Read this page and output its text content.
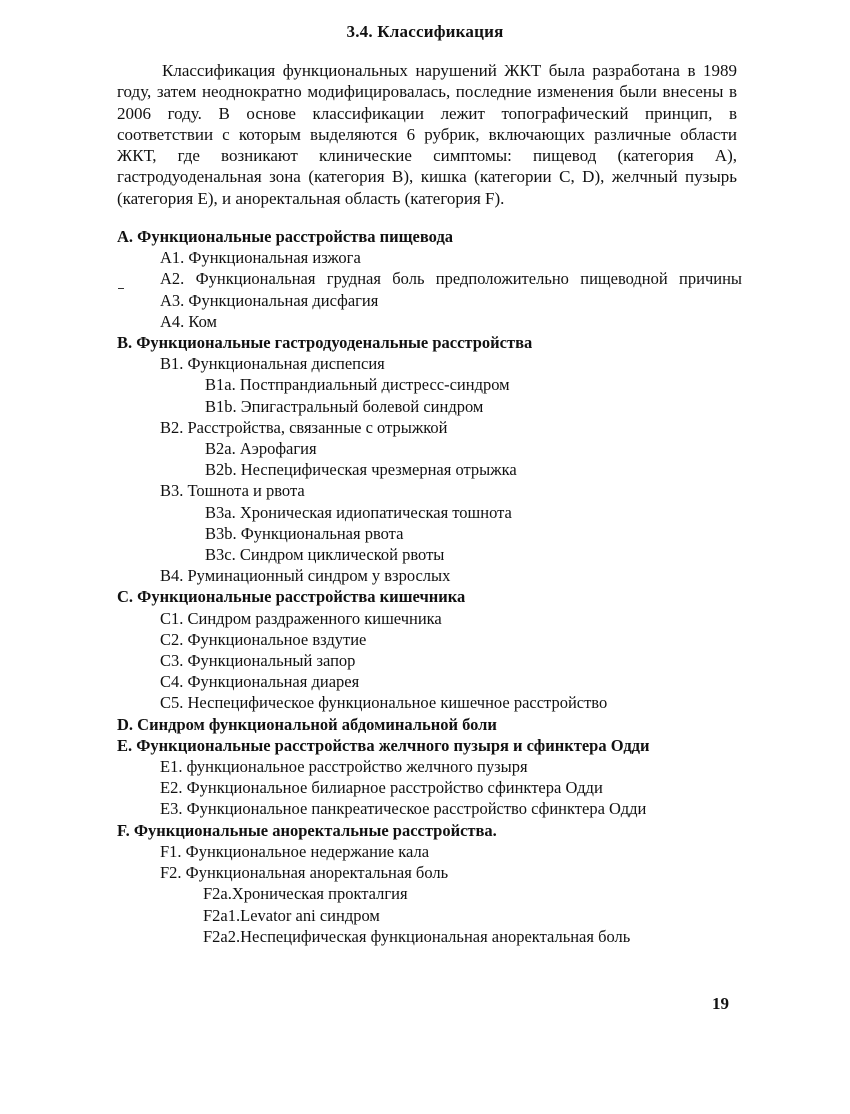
3.4. Классификация

Классификация функциональных нарушений ЖКТ была разработана в 1989 году, затем неоднократно модифицировалась, последние изменения были внесены в 2006 году. В основе классификации лежит топографический принцип, в соответствии с которым выделяются 6 рубрик, включающих различные области ЖКТ, где возникают клинические симптомы: пищевод (категория А), гастродуоденальная зона (категория В), кишка (категории С, D), желчный пузырь (категория Е), и аноректальная область (категория F).

A. Функциональные расстройства пищевода
A1. Функциональная изжога
A2. Функциональная грудная боль предположительно пищеводной причины
A3. Функциональная дисфагия
A4. Ком
B. Функциональные гастродуоденальные расстройства
B1. Функциональная диспепсия
B1a. Постпрандиальный дистресс-синдром
B1b. Эпигастральный болевой синдром
B2. Расстройства, связанные с отрыжкой
B2a. Аэрофагия
B2b. Неспецифическая чрезмерная отрыжка
B3. Тошнота и рвота
B3a. Хроническая идиопатическая тошнота
B3b. Функциональная рвота
B3c. Синдром циклической рвоты
B4. Руминационный синдром у взрослых
C. Функциональные расстройства кишечника
C1. Синдром раздраженного кишечника
C2. Функциональное вздутие
C3. Функциональный запор
C4. Функциональная диарея
C5. Неспецифическое функциональное кишечное расстройство
D. Синдром функциональной абдоминальной боли
E. Функциональные расстройства желчного пузыря и сфинктера Одди
E1. функциональное расстройство желчного пузыря
E2. Функциональное билиарное расстройство сфинктера Одди
E3. Функциональное панкреатическое расстройство сфинктера Одди
F. Функциональные аноректальные расстройства.
F1. Функциональное недержание кала
F2. Функциональная аноректальная боль
F2a.Хроническая прокталгия
F2a1.Levator ani синдром
F2a2.Неспецифическая функциональная аноректальная боль
19
